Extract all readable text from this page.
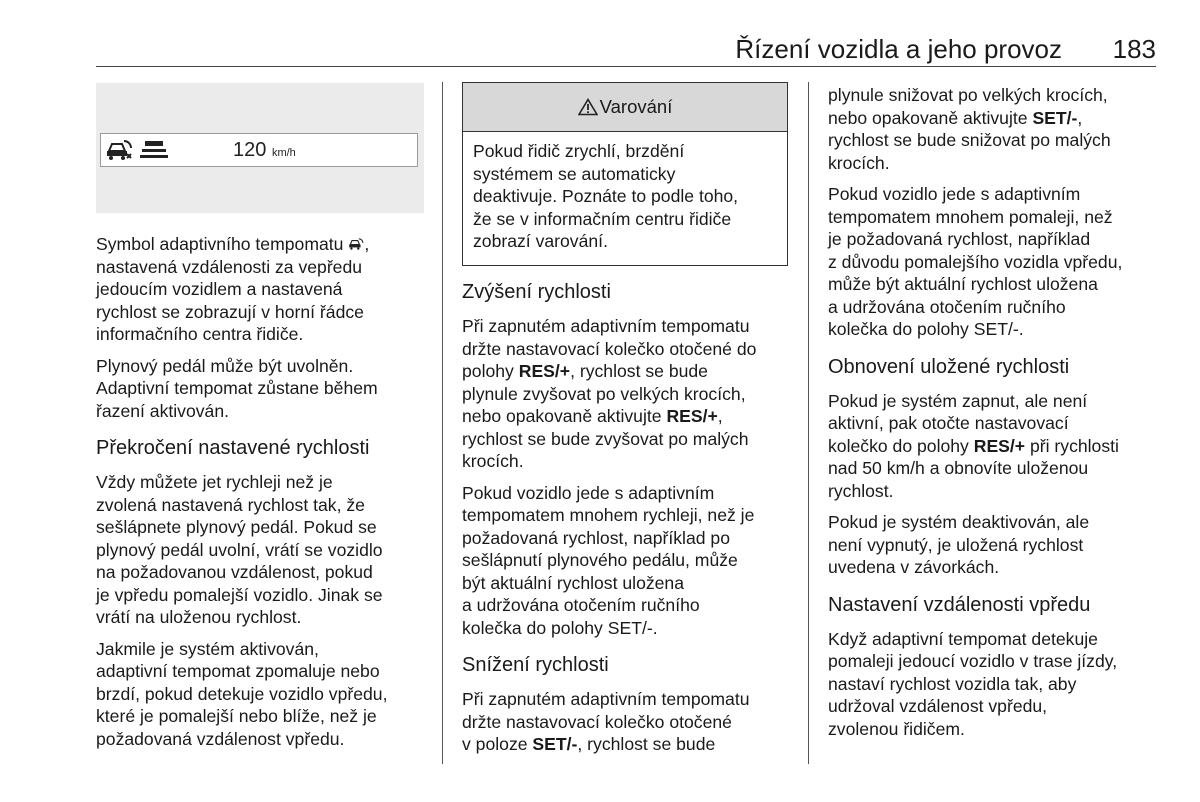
Řízení vozidla a jeho provoz 183
120 km/h

Symbol adaptivního tempomatu ,
nastavená vzdálenosti za vepředu
jedoucím vozidlem a nastavená
rychlost se zobrazují v horní řádce
informačního centra řidiče.

Plynový pedál může být uvolněn.
Adaptivní tempomat zůstane během
řazení aktivován.

Překročení nastavené rychlosti

Vždy můžete jet rychleji než je
zvolená nastavená rychlost tak, že
sešlápnete plynový pedál. Pokud se
plynový pedál uvolní, vrátí se vozidlo
na požadovanou vzdálenost, pokud
je vpředu pomalejší vozidlo. Jinak se
vrátí na uloženou rychlost.

Jakmile je systém aktivován,
adaptivní tempomat zpomaluje nebo
brzdí, pokud detekuje vozidlo vpředu,
které je pomalejší nebo blíže, než je
požadovaná vzdálenost vpředu.

Varování
Pokud řidič zrychlí, brzdění
systémem se automaticky
deaktivuje. Poznáte to podle toho,
že se v informačním centru řidiče
zobrazí varování.
Zvýšení rychlosti

Při zapnutém adaptivním tempomatu
držte nastavovací kolečko otočené do
polohy RES/+, rychlost se bude
plynule zvyšovat po velkých krocích,
nebo opakovaně aktivujte RES/+,
rychlost se bude zvyšovat po malých
krocích.

Pokud vozidlo jede s adaptivním
tempomatem mnohem rychleji, než je
požadovaná rychlost, například po
sešlápnutí plynového pedálu, může
být aktuální rychlost uložena
a udržována otočením ručního
kolečka do polohy SET/-.

Snížení rychlosti

Při zapnutém adaptivním tempomatu
držte nastavovací kolečko otočené
v poloze SET/-, rychlost se bude

plynule snižovat po velkých krocích,
nebo opakovaně aktivujte SET/-,
rychlost se bude snižovat po malých
krocích.

Pokud vozidlo jede s adaptivním
tempomatem mnohem pomaleji, než
je požadovaná rychlost, například
z důvodu pomalejšího vozidla vpředu,
může být aktuální rychlost uložena
a udržována otočením ručního
kolečka do polohy SET/-.

Obnovení uložené rychlosti

Pokud je systém zapnut, ale není
aktivní, pak otočte nastavovací
kolečko do polohy RES/+ při rychlosti
nad 50 km/h a obnovíte uloženou
rychlost.

Pokud je systém deaktivován, ale
není vypnutý, je uložená rychlost
uvedena v závorkách.

Nastavení vzdálenosti vpředu

Když adaptivní tempomat detekuje
pomaleji jedoucí vozidlo v trase jízdy,
nastaví rychlost vozidla tak, aby
udržoval vzdálenost vpředu,
zvolenou řidičem.
